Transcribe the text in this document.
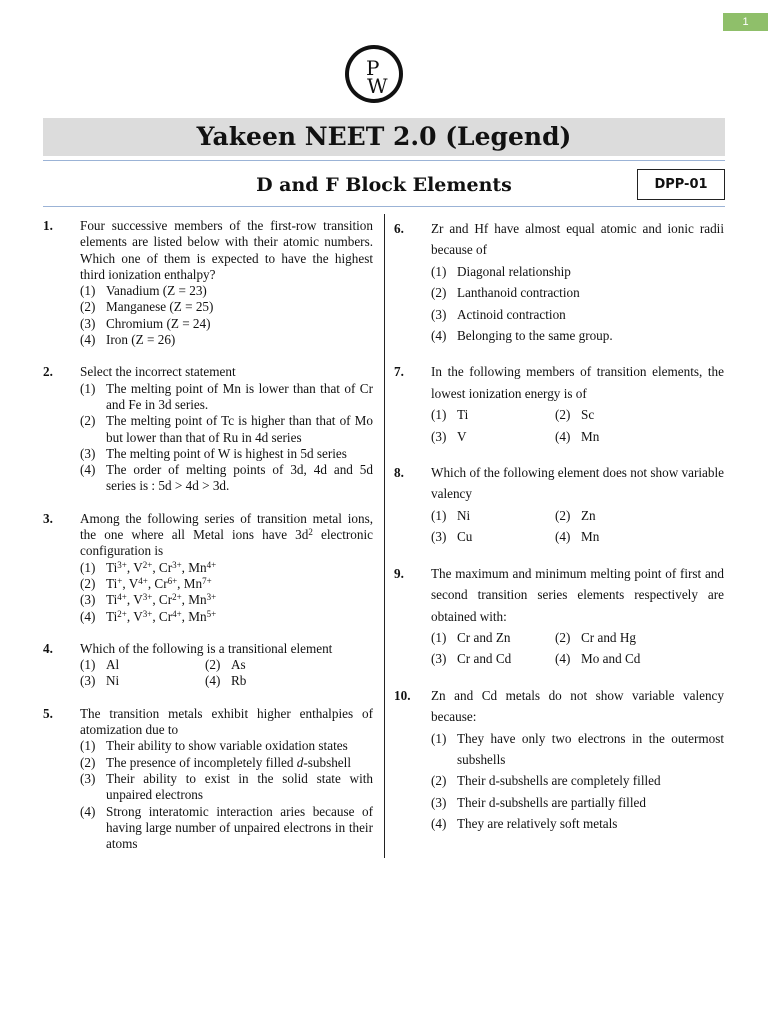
1
P
W
Yakeen NEET 2.0 (Legend)
D and F Block Elements	DPP-01
1.	Four successive members of the first-row transition elements are listed below with their atomic numbers. Which one of them is expected to have the highest third ionization enthalpy?
(1) Vanadium (Z = 23)
(2) Manganese (Z = 25)
(3) Chromium (Z = 24)
(4) Iron (Z = 26)
2.	Select the incorrect statement
(1) The melting point of Mn is lower than that of Cr and Fe in 3d series.
(2) The melting point of Tc is higher than that of Mo but lower than that of Ru in 4d series
(3) The melting point of W is highest in 5d series
(4) The order of melting points of 3d, 4d and 5d series is : 5d > 4d > 3d.
3.	Among the following series of transition metal ions, the one where all Metal ions have $3d^2$ electronic configuration is
(1) $Ti^{3+}$, $V^{2+}$, $Cr^{3+}$, $Mn^{4+}$
(2) Ti+, $V^{4+}$, $Cr^{6+}$, $Mn^{7+}$
(3) $Ti^{4+}$, $V^{3+}$, $Cr^{2+}$, $Mn^{3+}$
(4) $Ti^{2+}$, $V^{3+}$, $Cr^{4+}$, $Mn^{5+}$
4.	Which of the following is a transitional element
(1) Al	(2) As
(3) Ni	(4) Rb
5.	The transition metals exhibit higher enthalpies of atomization due to
(1) Their ability to show variable oxidation states
(2) The presence of incompletely filled d-subshell
(3) Their ability to exist in the solid state with unpaired electrons
(4) Strong interatomic interaction aries because of having large number of unpaired electrons in their atoms
6.	Zr and Hf have almost equal atomic and ionic radii because of
(1) Diagonal relationship
(2) Lanthanoid contraction
(3) Actinoid contraction
(4) Belonging to the same group.
7.	In the following members of transition elements, the lowest ionization energy is of
(1) Ti	(2) Sc
(3) V	(4) Mn
8.	Which of the following element does not show variable valency
(1) Ni	(2) Zn
(3) Cu	(4) Mn
9.	The maximum and minimum melting point of first and second transition series elements respectively are obtained with:
(1) Cr and Zn	(2) Cr and Hg
(3) Cr and Cd	(4) Mo and Cd
10.	Zn and Cd metals do not show variable valency because:
(1) They have only two electrons in the outermost subshells
(2) Their d-subshells are completely filled
(3) Their d-subshells are partially filled
(4) They are relatively soft metals
